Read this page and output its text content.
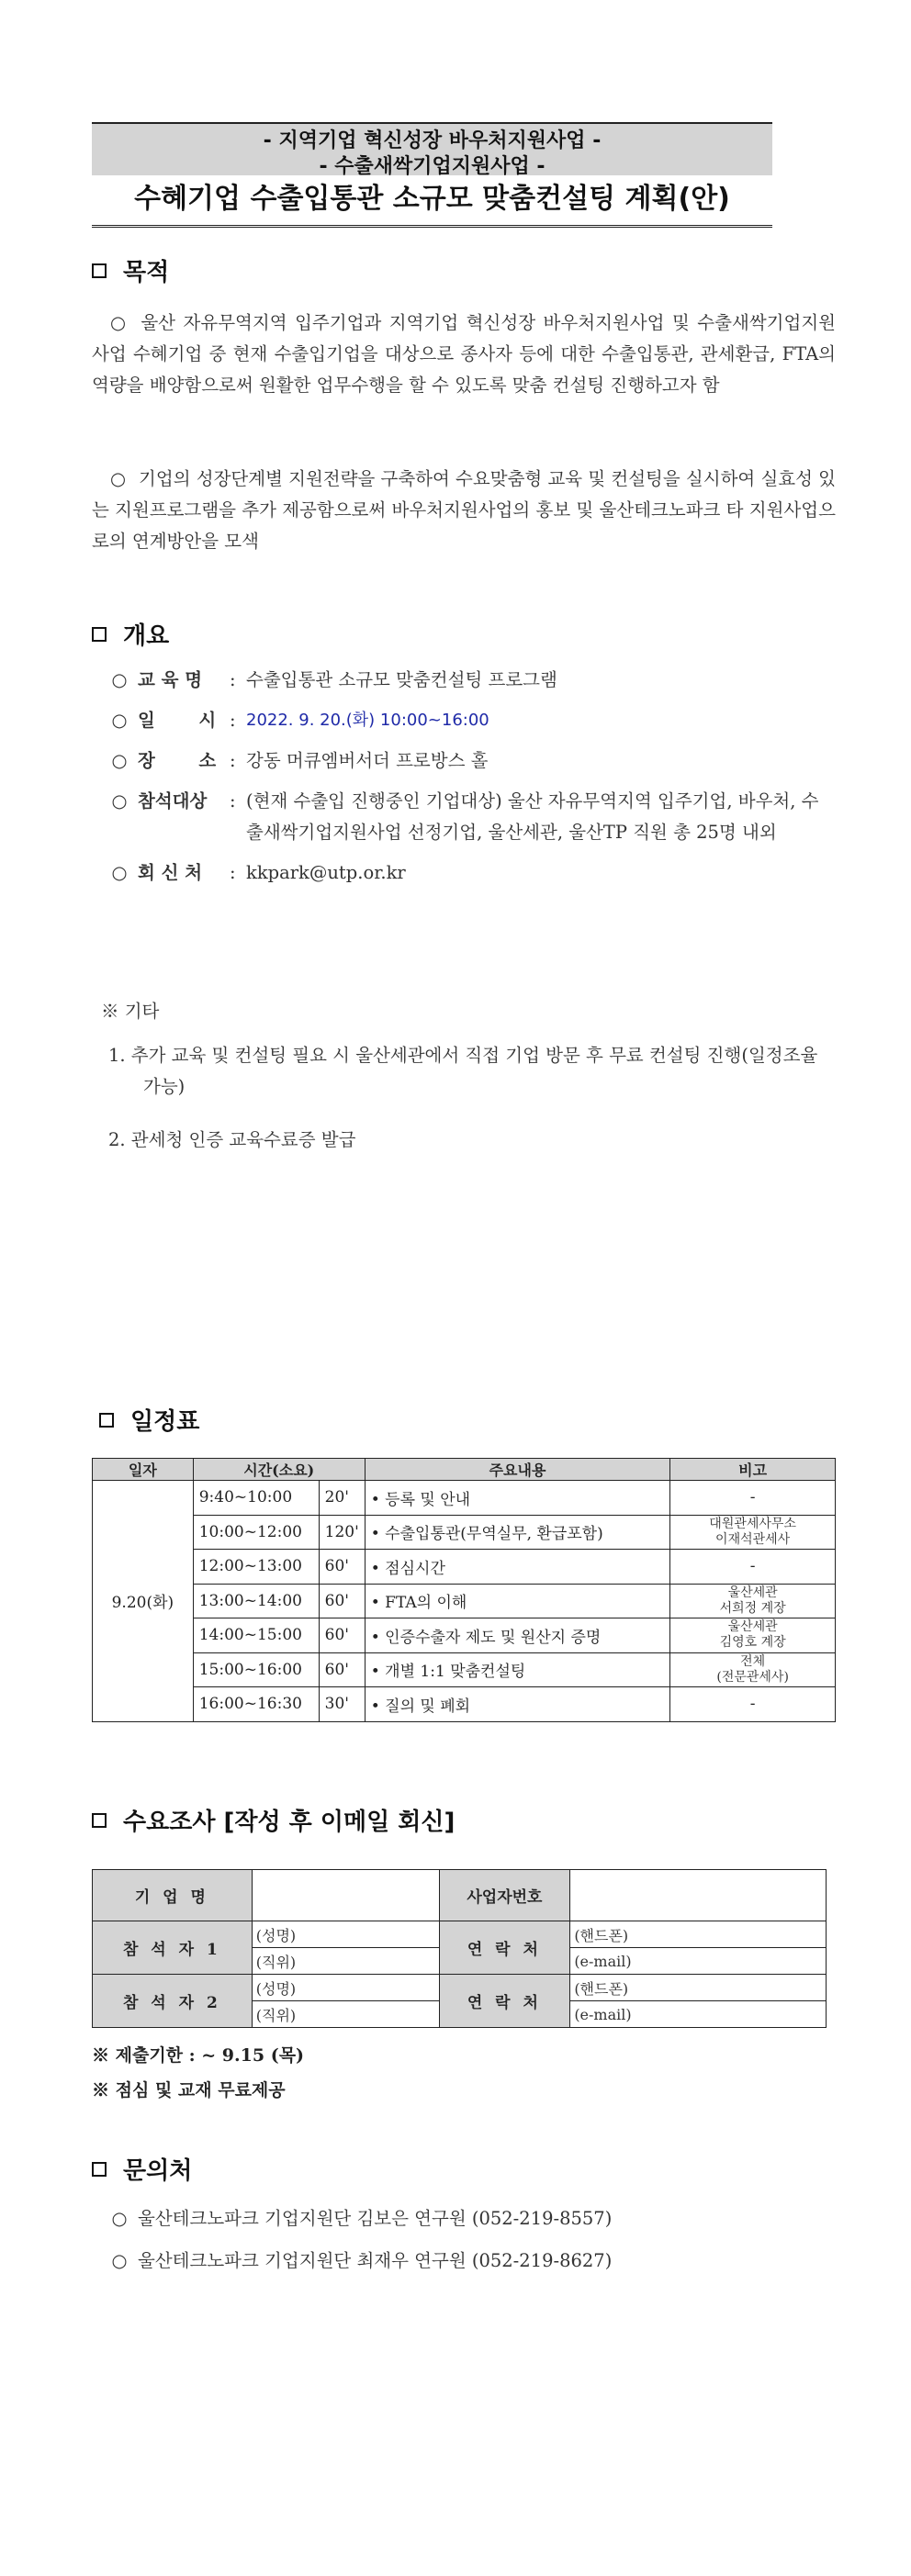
- 지역기업 혁신성장 바우처지원사업 -
- 수출새싹기업지원사업 -
수혜기업 수출입통관 소규모 맞춤컨설팅 계획(안)
목적
○ 울산 자유무역지역 입주기업과 지역기업 혁신성장 바우처지원사업 및 수출새싹기업지원사업 수혜기업 중 현재 수출입기업을 대상으로 종사자 등에 대한 수출입통관, 관세환급, FTA의 역량을 배양함으로써 원활한 업무수행을 할 수 있도록 맞춤 컨설팅 진행하고자 함
○ 기업의 성장단계별 지원전략을 구축하여 수요맞춤형 교육 및 컨설팅을 실시하여 실효성 있는 지원프로그램을 추가 제공함으로써 바우처지원사업의 홍보 및 울산테크노파크 타 지원사업으로의 연계방안을 모색
개요
○ 교 육 명	: 수출입통관 소규모 맞춤컨설팅 프로그램
○ 일       시 : 2022. 9. 20.(화) 10:00~16:00
○ 장       소 : 강동 머큐엠버서더 프로방스 홀
○ 참석대상	: (현재 수출입 진행중인 기업대상) 울산 자유무역지역 입주기업, 바우처, 수출새싹기업지원사업 선정기업, 울산세관, 울산TP 직원 총 25명 내외
○ 회 신 처	: kkpark@utp.or.kr
※ 기타
1. 추가 교육 및 컨설팅 필요 시 울산세관에서 직접 기업 방문 후 무료 컨설팅 진행(일정조율가능)
2. 관세청 인증 교육수료증 발급
일정표
일자	시간(소요)		주요내용	비고
9.20(화)	9:40~10:00	20'	• 등록 및 안내	-
	10:00~12:00	120'	• 수출입통관(무역실무, 환급포함)	대원관세사무소
이재석관세사
	12:00~13:00	60'	• 점심시간	-
	13:00~14:00	60'	• FTA의 이해	울산세관
서희정 계장
	14:00~15:00	60'	• 인증수출자 제도 및 원산지 증명	울산세관
김영호 계장
	15:00~16:00	60'	• 개별 1:1 맞춤컨설팅	전체
(전문관세사)
	16:00~16:30	30'	• 질의 및 폐회	-
수요조사 [작성 후 이메일 회신]
기 업 명		사업자번호	
참 석 자 1	(성명)	연 락 처	(핸드폰)
	(직위)		(e-mail)
참 석 자 2	(성명)	연 락 처	(핸드폰)
	(직위)		(e-mail)
※ 제출기한 : ~ 9.15 (목)
※ 점심 및 교재 무료제공
문의처
○ 울산테크노파크 기업지원단 김보은 연구원 (052-219-8557)
○ 울산테크노파크 기업지원단 최재우 연구원 (052-219-8627)
